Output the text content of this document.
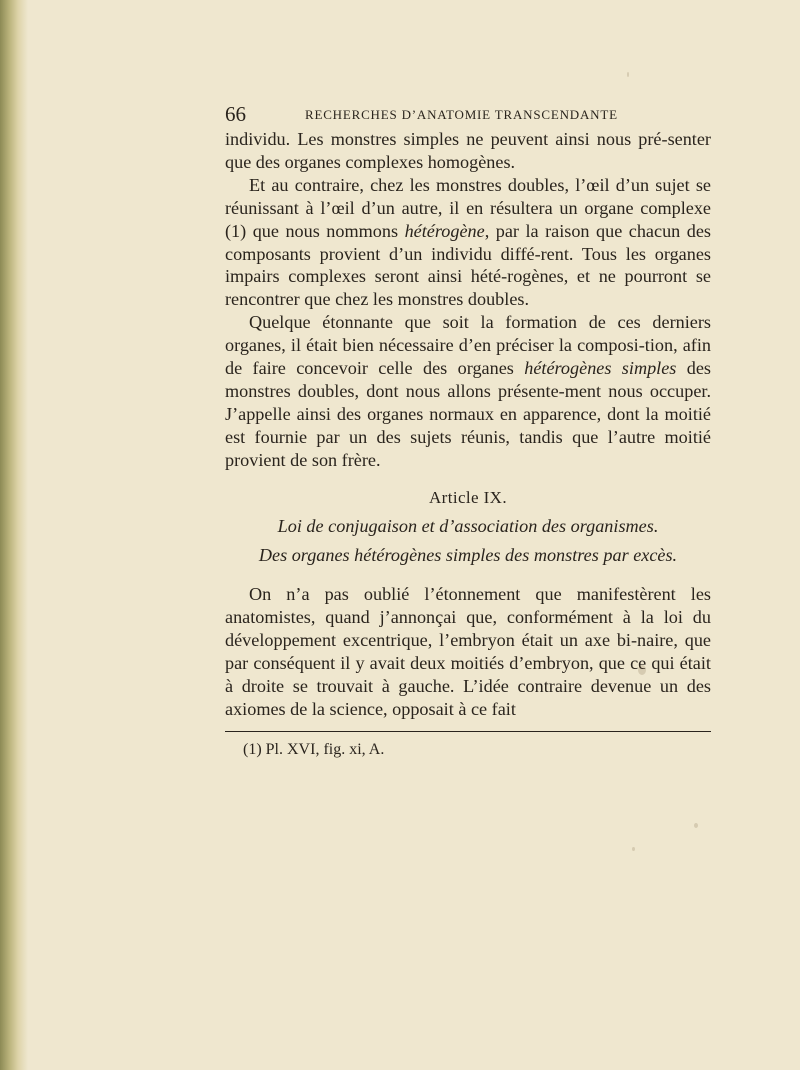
66	RECHERCHES D’ANATOMIE TRANSCENDANTE

individu. Les monstres simples ne peuvent ainsi nous pré-senter que des organes complexes homogènes.

Et au contraire, chez les monstres doubles, l’œil d’un sujet se réunissant à l’œil d’un autre, il en résultera un organe complexe (1) que nous nommons hétérogène, par la raison que chacun des composants provient d’un individu diffé-rent. Tous les organes impairs complexes seront ainsi hété-rogènes, et ne pourront se rencontrer que chez les monstres doubles.

Quelque étonnante que soit la formation de ces derniers organes, il était bien nécessaire d’en préciser la composi-tion, afin de faire concevoir celle des organes hétérogènes simples des monstres doubles, dont nous allons présente-ment nous occuper. J’appelle ainsi des organes normaux en apparence, dont la moitié est fournie par un des sujets réunis, tandis que l’autre moitié provient de son frère.

Article IX.
Loi de conjugaison et d’association des organismes.
Des organes hétérogènes simples des monstres par excès.

On n’a pas oublié l’étonnement que manifestèrent les anatomistes, quand j’annonçai que, conformément à la loi du développement excentrique, l’embryon était un axe bi-naire, que par conséquent il y avait deux moitiés d’embryon, que ce qui était à droite se trouvait à gauche. L’idée contraire devenue un des axiomes de la science, opposait à ce fait

(1) Pl. XVI, fig. xi, A.
